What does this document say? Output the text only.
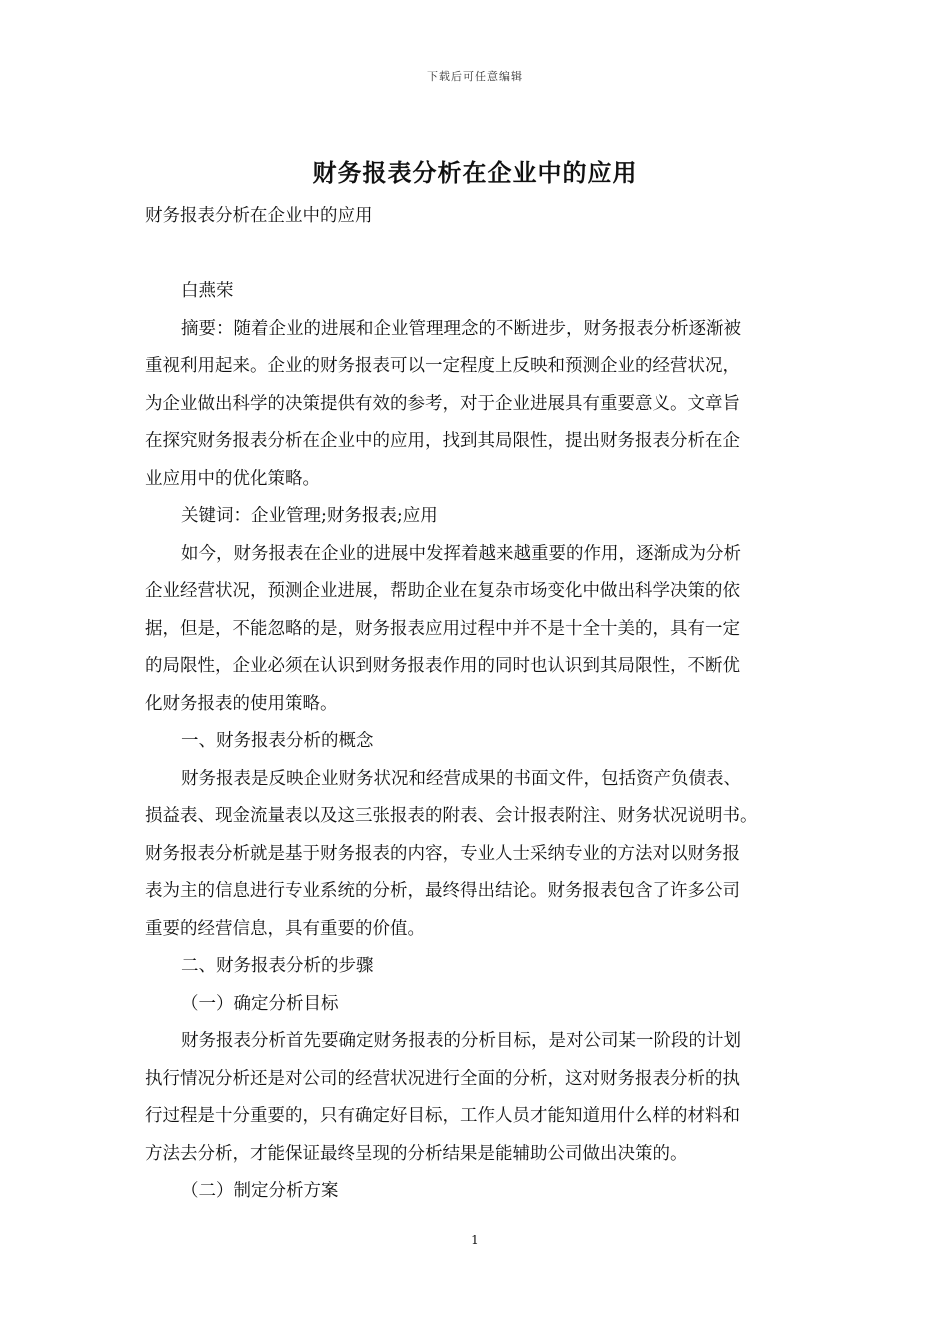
下载后可任意编辑
财务报表分析在企业中的应用
财务报表分析在企业中的应用
白燕荣
摘要：随着企业的进展和企业管理理念的不断进步，财务报表分析逐渐被
重视利用起来。企业的财务报表可以一定程度上反映和预测企业的经营状况，
为企业做出科学的决策提供有效的参考，对于企业进展具有重要意义。文章旨
在探究财务报表分析在企业中的应用，找到其局限性，提出财务报表分析在企
业应用中的优化策略。
关键词：企业管理;财务报表;应用
如今，财务报表在企业的进展中发挥着越来越重要的作用，逐渐成为分析
企业经营状况，预测企业进展，帮助企业在复杂市场变化中做出科学决策的依
据，但是，不能忽略的是，财务报表应用过程中并不是十全十美的，具有一定
的局限性，企业必须在认识到财务报表作用的同时也认识到其局限性，不断优
化财务报表的使用策略。
一、财务报表分析的概念
财务报表是反映企业财务状况和经营成果的书面文件，包括资产负债表、
损益表、现金流量表以及这三张报表的附表、会计报表附注、财务状况说明书。
财务报表分析就是基于财务报表的内容，专业人士采纳专业的方法对以财务报
表为主的信息进行专业系统的分析，最终得出结论。财务报表包含了许多公司
重要的经营信息，具有重要的价值。
二、财务报表分析的步骤
（一）确定分析目标
财务报表分析首先要确定财务报表的分析目标，是对公司某一阶段的计划
执行情况分析还是对公司的经营状况进行全面的分析，这对财务报表分析的执
行过程是十分重要的，只有确定好目标，工作人员才能知道用什么样的材料和
方法去分析，才能保证最终呈现的分析结果是能辅助公司做出决策的。
（二）制定分析方案
1
